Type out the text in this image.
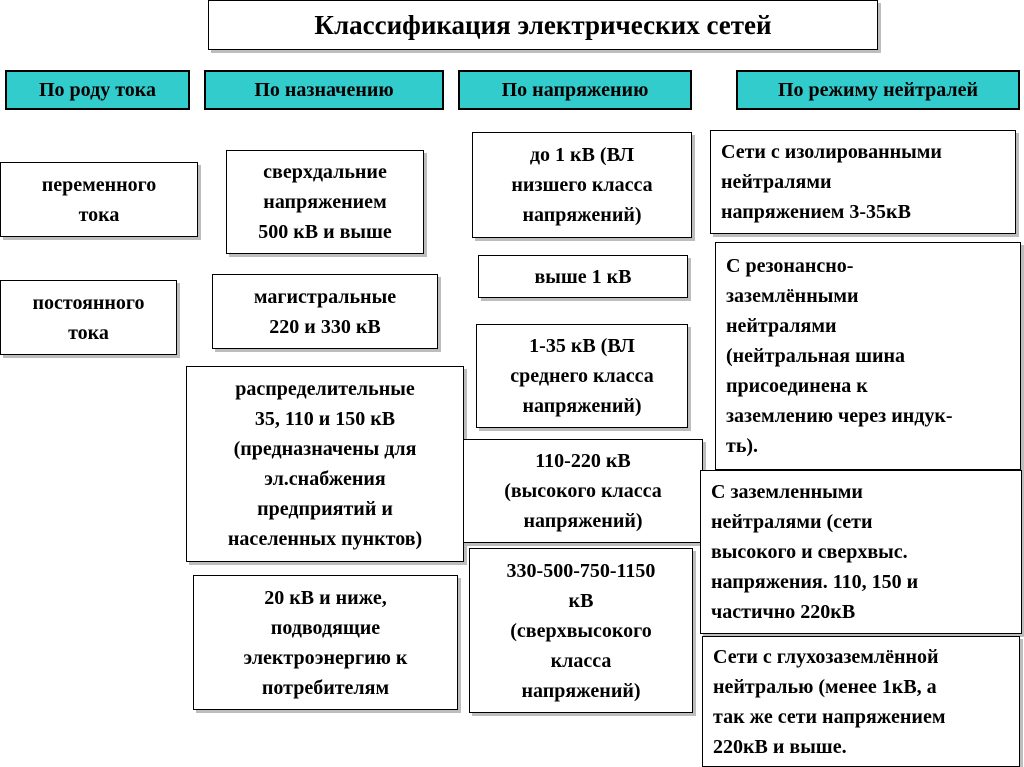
Классификация электрических сетей
По роду тока	По назначению	По напряжению	По режиму нейтралей
переменного
тока
постоянного
тока
сверхдальние
напряжением
500 кВ и выше
магистральные
220 и 330 кВ
распределительные
35, 110 и 150 кВ
(предназначены для
эл.снабжения
предприятий и
населенных пунктов)
20 кВ и ниже,
подводящие
электроэнергию к
потребителям
до 1 кВ (ВЛ
низшего класса
напряжений)
выше 1 кВ
1-35 кВ (ВЛ
среднего класса
напряжений)
110-220 кВ
(высокого класса
напряжений)
330-500-750-1150
кВ
(сверхвысокого
класса
напряжений)
Сети с изолированными
нейтралями
напряжением 3-35кВ
С резонансно-
заземлёнными
нейтралями
(нейтральная шина
присоединена к
заземлению через индук-
ть).
С заземленными
нейтралями (сети
высокого и сверхвыс.
напряжения. 110, 150 и
частично 220кВ
Сети с глухозаземлённой
нейтралью (менее 1кВ, а
так же сети напряжением
220кВ и выше.
